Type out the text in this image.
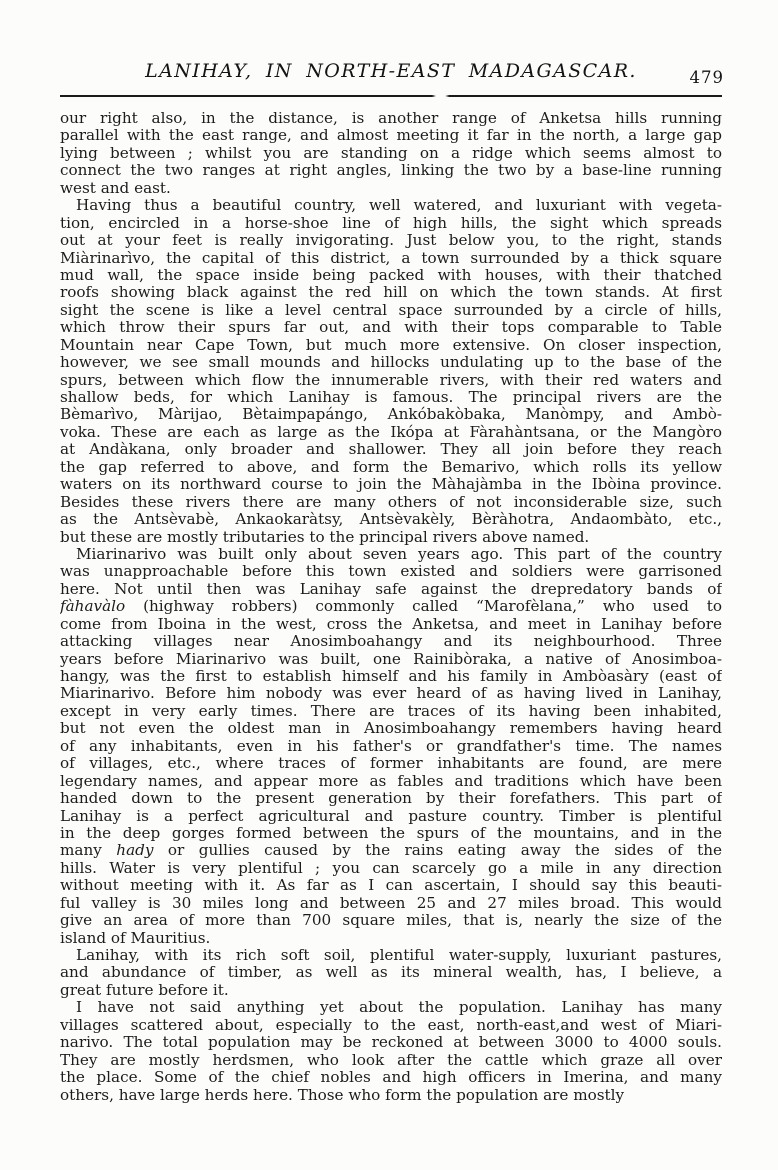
LANIHAY, IN NORTH-EAST MADAGASCAR.	479
our right also, in the distance, is another range of Anketsa hills running
parallel with the east range, and almost meeting it far in the north, a large gap
lying between ; whilst you are standing on a ridge which seems almost to
connect the two ranges at right angles, linking the two by a base-line running
west and east.
Having thus a beautiful country, well watered, and luxuriant with vegeta-
tion, encircled in a horse-shoe line of high hills, the sight which spreads
out at your feet is really invigorating. Just below you, to the right, stands
Miàrinarìvo, the capital of this district, a town surrounded by a thick square
mud wall, the space inside being packed with houses, with their thatched
roofs showing black against the red hill on which the town stands. At first
sight the scene is like a level central space surrounded by a circle of hills,
which throw their spurs far out, and with their tops comparable to Table
Mountain near Cape Town, but much more extensive. On closer inspection,
however, we see small mounds and hillocks undulating up to the base of the
spurs, between which flow the innumerable rivers, with their red waters and
shallow beds, for which Lanihay is famous. The principal rivers are the
Bèmarìvo, Màrijao, Bètaimpapángo, Ankóbakòbaka, Manòmpy, and Ambò-
voka. These are each as large as the Ikópa at Fàrahàntsana, or the Mangòro
at Andàkana, only broader and shallower. They all join before they reach
the gap referred to above, and form the Bemarivo, which rolls its yellow
waters on its northward course to join the Màhajàmba in the Ibòina province.
Besides these rivers there are many others of not inconsiderable size, such
as the Antsèvabè, Ankaokaràtsy, Antsèvakèly, Bèràhotra, Andaombàto, etc.,
but these are mostly tributaries to the principal rivers above named.
Miarinarivo was built only about seven years ago. This part of the country
was unapproachable before this town existed and soldiers were garrisoned
here. Not until then was Lanihay safe against the drepredatory bands of
fàhavàlo (highway robbers) commonly called “Marofèlana,” who used to
come from Iboina in the west, cross the Anketsa, and meet in Lanihay before
attacking villages near Anosimboahangy and its neighbourhood. Three
years before Miarinarivo was built, one Rainibòraka, a native of Anosimboa-
hangy, was the first to establish himself and his family in Ambòasàry (east of
Miarinarivo. Before him nobody was ever heard of as having lived in Lanihay,
except in very early times. There are traces of its having been inhabited,
but not even the oldest man in Anosimboahangy remembers having heard
of any inhabitants, even in his father's or grandfather's time. The names
of villages, etc., where traces of former inhabitants are found, are mere
legendary names, and appear more as fables and traditions which have been
handed down to the present generation by their forefathers. This part of
Lanihay is a perfect agricultural and pasture country. Timber is plentiful
in the deep gorges formed between the spurs of the mountains, and in the
many hady or gullies caused by the rains eating away the sides of the
hills. Water is very plentiful ; you can scarcely go a mile in any direction
without meeting with it. As far as I can ascertain, I should say this beauti-
ful valley is 30 miles long and between 25 and 27 miles broad. This would
give an area of more than 700 square miles, that is, nearly the size of the
island of Mauritius.
Lanihay, with its rich soft soil, plentiful water-supply, luxuriant pastures,
and abundance of timber, as well as its mineral wealth, has, I believe, a
great future before it.
I have not said anything yet about the population. Lanihay has many
villages scattered about, especially to the east, north-east,and west of Miari-
narivo. The total population may be reckoned at between 3000 to 4000 souls.
They are mostly herdsmen, who look after the cattle which graze all over
the place. Some of the chief nobles and high officers in Imerina, and many
others, have large herds here. Those who form the population are mostly
